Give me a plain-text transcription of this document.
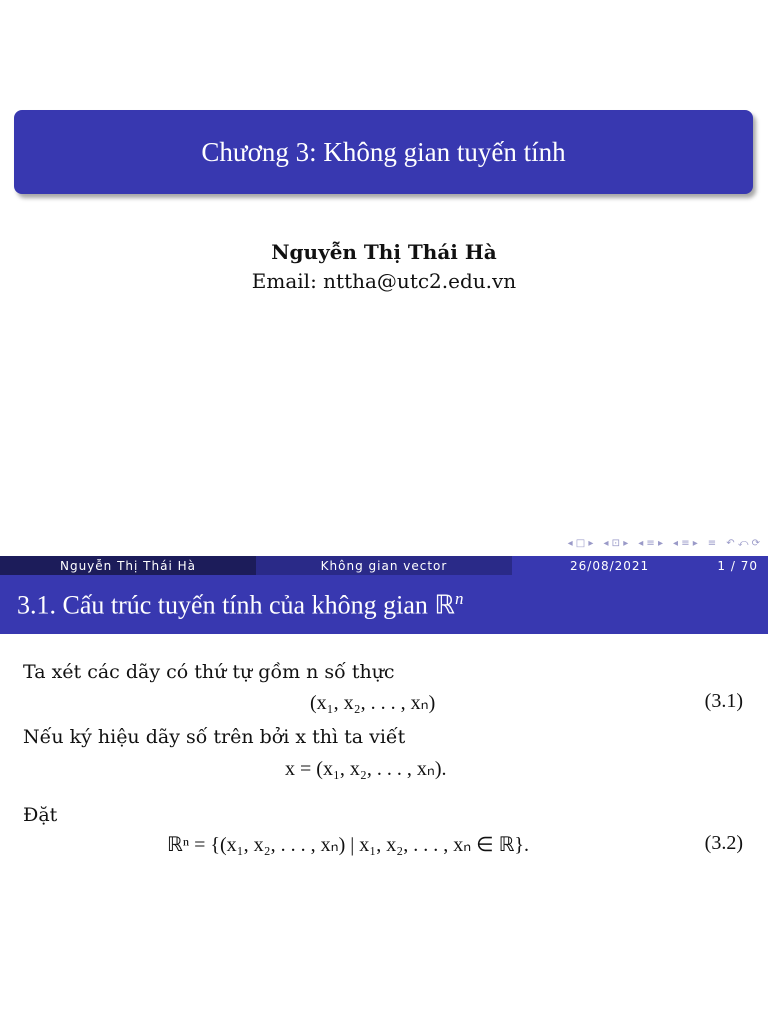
Chương 3: Không gian tuyến tính
Nguyễn Thị Thái Hà
Email: nttha@utc2.edu.vn
◂ □ ▸ ◂ ⊡ ▸ ◂ ≡ ▸ ◂ ≡ ▸ ≡ ↶ ⤺ ⟳
Nguyễn Thị Thái Hà	Không gian vector	26/08/2021	1 / 70
3.1. Cấu trúc tuyến tính của không gian ℝ$^n$
Ta xét các dãy có thứ tự gồm n số thực
(x₁, x₂, . . . , xₙ)	(3.1)
Nếu ký hiệu dãy số trên bởi x thì ta viết
x = (x₁, x₂, . . . , xₙ).
Đặt
ℝⁿ = {(x₁, x₂, . . . , xₙ) | x₁, x₂, . . . , xₙ ∈ ℝ}.	(3.2)
